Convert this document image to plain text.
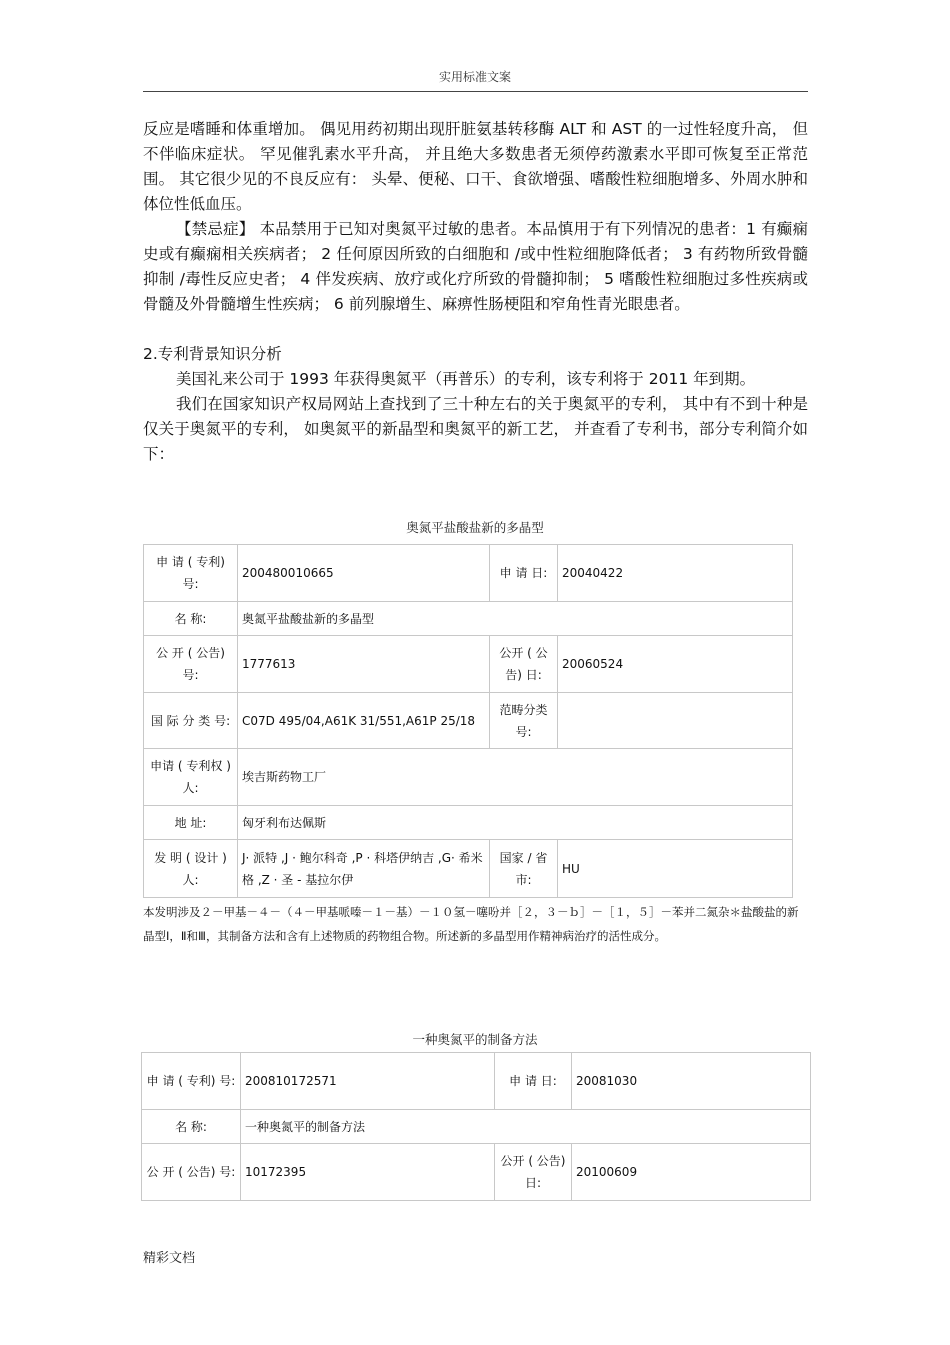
实用标准文案

反应是嗜睡和体重增加。 偶见用药初期出现肝脏氨基转移酶 ALT 和 AST 的一过性轻度升高， 但不伴临床症状。 罕见催乳素水平升高， 并且绝大多数患者无须停药激素水平即可恢复至正常范围。 其它很少见的不良反应有： 头晕、便秘、口干、食欲增强、嗜酸性粒细胞增多、外周水肿和体位性低血压。

【禁忌症】 本品禁用于已知对奥氮平过敏的患者。本品慎用于有下列情况的患者：1 有癫痫史或有癫痫相关疾病者； 2 任何原因所致的白细胞和 /或中性粒细胞降低者； 3 有药物所致骨髓抑制 /毒性反应史者； 4 伴发疾病、放疗或化疗所致的骨髓抑制； 5 嗜酸性粒细胞过多性疾病或骨髓及外骨髓增生性疾病； 6 前列腺增生、麻痹性肠梗阻和窄角性青光眼患者。

2.专利背景知识分析

美国礼来公司于 1993 年获得奥氮平（再普乐）的专利，该专利将于 2011 年到期。

我们在国家知识产权局网站上查找到了三十种左右的关于奥氮平的专利， 其中有不到十种是仅关于奥氮平的专利， 如奥氮平的新晶型和奥氮平的新工艺， 并查看了专利书，部分专利简介如下：

奥氮平盐酸盐新的多晶型
申 请 ( 专利) 号:	200480010665	申 请 日:	20040422
名 称:	奥氮平盐酸盐新的多晶型		
公 开 ( 公告) 号:	1777613	公开 ( 公告) 日:	20060524
国 际 分 类 号:	C07D 495/04,A61K 31/551,A61P 25/18	范畴分类 号:	
申请 ( 专利权 ) 人:	埃吉斯药物工厂		
地 址:	匈牙利布达佩斯		
发 明 ( 设计 ) 人:	J· 派特 ,J · 鲍尔科奇 ,P · 科塔伊纳吉 ,G· 希米格 ,Z · 圣 - 基拉尔伊	国家 / 省 市:	HU
本发明涉及２－甲基－４－（４－甲基哌嗪－１－基）－１０氢－噻吩并［２，３－ｂ］－［１，５］－苯并二氮杂＊盐酸盐的新晶型Ⅰ，Ⅱ和Ⅲ，其制备方法和含有上述物质的药物组合物。所述新的多晶型用作精神病治疗的活性成分。
一种奥氮平的制备方法
申 请 ( 专利) 号:	200810172571	申 请 日:	20081030
名 称:	一种奥氮平的制备方法		
公 开 ( 公告) 号:	10172395	公开 ( 公告) 日:	20100609
精彩文档
